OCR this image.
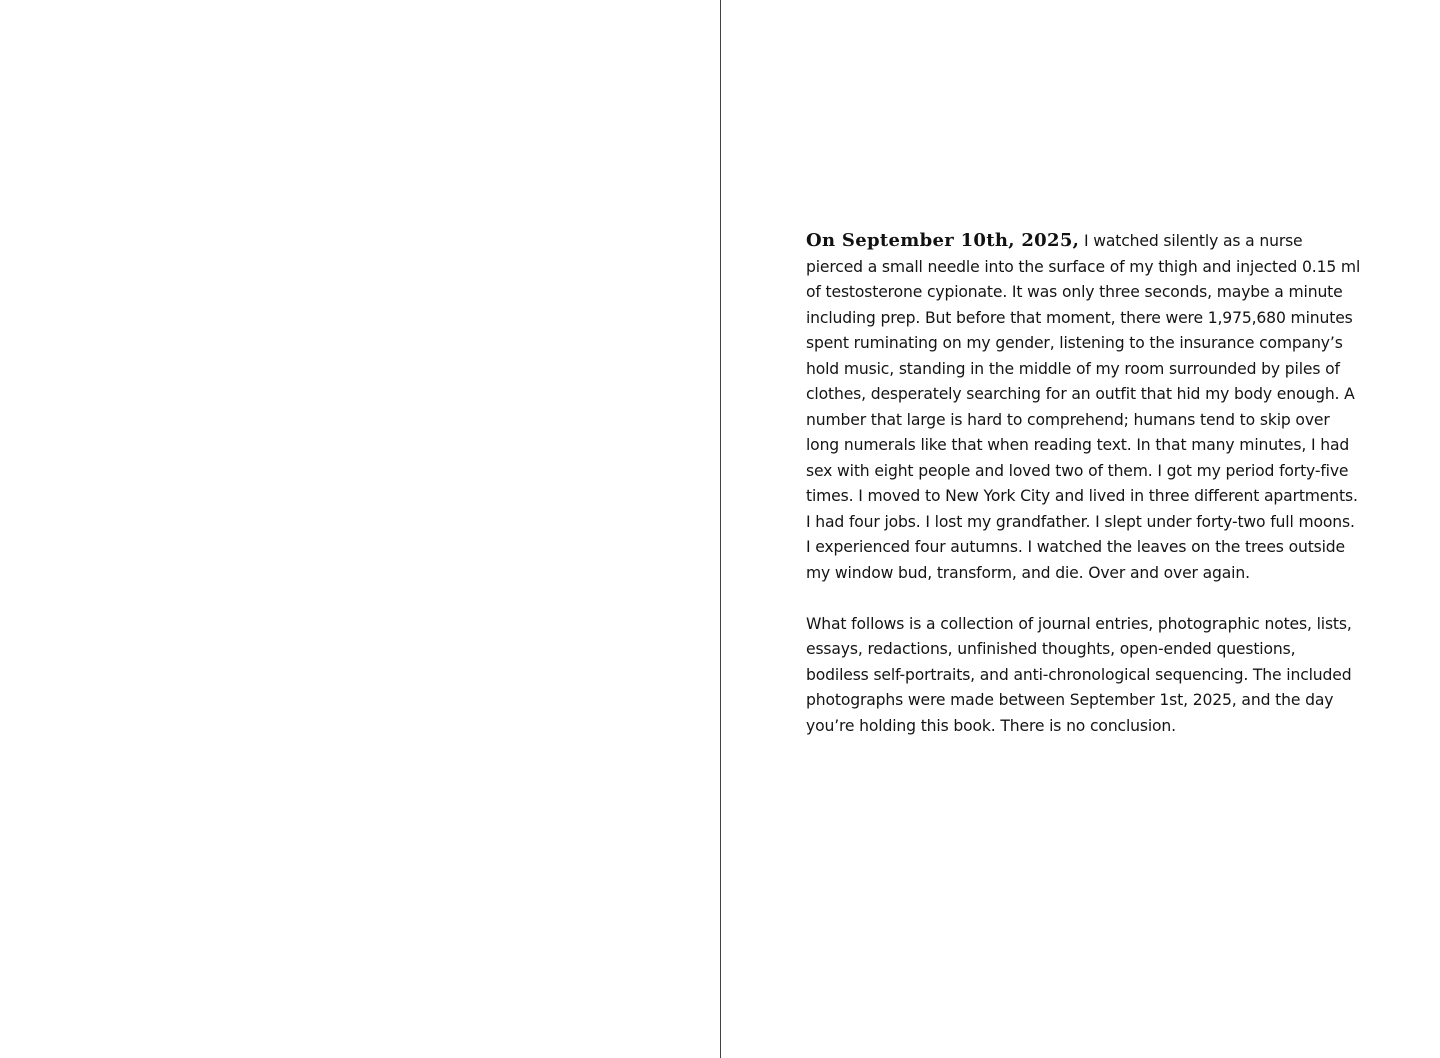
On September 10th, 2025, I watched silently as a nurse pierced a small needle into the surface of my thigh and injected 0.15 ml of testosterone cypionate. It was only three seconds, maybe a minute including prep. But before that moment, there were 1,975,680 minutes spent ruminating on my gender, listening to the insurance company’s hold music, standing in the middle of my room surrounded by piles of clothes, desperately searching for an outfit that hid my body enough. A number that large is hard to comprehend; humans tend to skip over long numerals like that when reading text. In that many minutes, I had sex with eight people and loved two of them. I got my period forty-five times. I moved to New York City and lived in three different apartments. I had four jobs. I lost my grandfather. I slept under forty-two full moons. I experienced four autumns. I watched the leaves on the trees outside my window bud, transform, and die. Over and over again.

What follows is a collection of journal entries, photographic notes, lists, essays, redactions, unfinished thoughts, open-ended questions, bodiless self-portraits, and anti-chronological sequencing. The included photographs were made between September 1st, 2025, and the day you’re holding this book. There is no conclusion.
